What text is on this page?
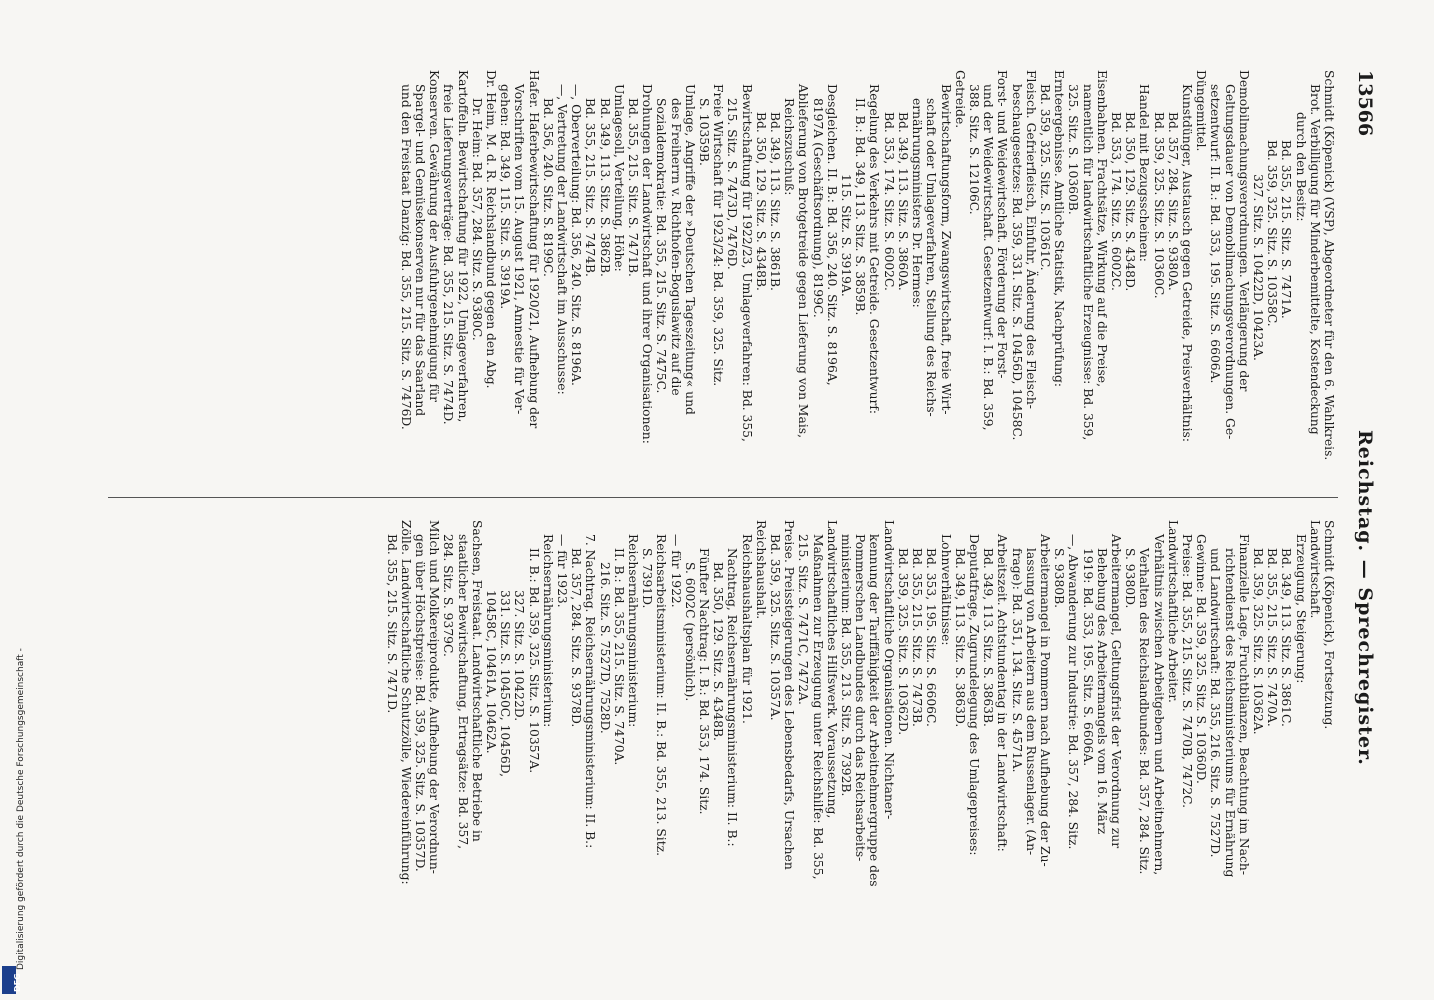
13566
Reichstag. — Sprechregister.
Schmidt (Köpenick) (VSP), Abgeordneter für den 6. Wahlkreis.
Brot. Verbilligung für Minderbemittelte, Kostendeckung
durch den Besitz:
Bd. 355, 215. Sitz. S. 7471A.
Bd. 359, 325. Sitz. S. 10358C.
327. Sitz. S. 10422D, 10423A.
Demobilmachungsverordnungen. Verlängerung der
Geltungsdauer von Demobilmachungsverordnungen. Ge-
setzentwurf: II. B.: Bd. 353, 195. Sitz. S. 6606A.
Düngemittel.
Kunstdünger, Austausch gegen Getreide, Preisverhältnis:
Bd. 357, 284. Sitz. S. 9380A.
Bd. 359, 325. Sitz. S. 10360C.
Handel mit Bezugsscheinen:
Bd. 350, 129. Sitz. S. 4348D.
Bd. 353, 174. Sitz. S. 6002C.
Eisenbahnen. Frachtsätze, Wirkung auf die Preise,
namentlich für landwirtschaftliche Erzeugnisse: Bd. 359,
325. Sitz. S. 10360B.
Ernteergebnisse. Amtliche Statistik, Nachprüfung:
Bd. 359, 325. Sitz. S. 10361C.
Fleisch. Gefrierfleisch, Einfuhr, Änderung des Fleisch-
beschaugesetzes: Bd. 359, 331. Sitz. S. 10456D, 10458C.
Forst- und Weidewirtschaft. Förderung der Forst-
und der Weidewirtschaft. Gesetzentwurf: I. B.: Bd. 359,
388. Sitz. S. 12106C.
Getreide.
Bewirtschaftungsform, Zwangswirtschaft, freie Wirt-
schaft oder Umlageverfahren, Stellung des Reichs-
ernährungsministers Dr. Hermes:
Bd. 349, 113. Sitz. S. 3860A.
Bd. 353, 174. Sitz. S. 6002C.
Regelung des Verkehrs mit Getreide. Gesetzentwurf:
II. B.: Bd. 349, 113. Sitz. S. 3859B.
115. Sitz. S. 3919A.
Desgleichen. II. B.: Bd. 356, 240. Sitz. S. 8196A,
8197A (Geschäftsordnung), 8199C.
Ablieferung von Brotgetreide gegen Lieferung von Mais,
Reichszuschuß:
Bd. 349, 113. Sitz. S. 3861B.
Bd. 350, 129. Sitz. S. 4348B.
Bewirtschaftung für 1922/23, Umlageverfahren: Bd. 355,
215. Sitz. S. 7473D, 7476D.
Freie Wirtschaft für 1923/24: Bd. 359, 325. Sitz.
S. 10359B.
Umlage, Angriffe der »Deutschen Tageszeitung« und
des Freiherrn v. Richthofen-Boguslawitz auf die
Sozialdemokratie: Bd. 355, 215. Sitz. S. 7475C.
Drohungen der Landwirtschaft und ihrer Organisationen:
Bd. 355, 215. Sitz. S. 7471B.
Umlagesoll, Verteilung, Höhe:
Bd. 349, 113. Sitz. S. 3862B.
Bd. 355, 215. Sitz. S. 7474B.
—, Oberverteilung: Bd. 356, 240. Sitz. S. 8196A.
—, Vertretung der Landwirtschaft im Ausschusse:
Bd. 356, 240. Sitz. S. 8199C.
Hafer. Haferbewirtschaftung für 1920/21, Aufhebung der
Vorschriften vom 15. August 1921, Amnestie für Ver-
gehen: Bd. 349, 115. Sitz. S. 3919A.
Dr. Heim, M. d. R. Reichslandbund gegen den Abg.
Dr. Heim: Bd. 357, 284. Sitz. S. 9380C.
Kartoffeln. Bewirtschaftung für 1922, Umlageverfahren,
freie Lieferungsverträge: Bd. 355, 215. Sitz. S. 7474D.
Konserven. Gewährung der Ausfuhrgenehmigung für
Spargel- und Gemüsekonserven nur für das Saarland
und den Freistaat Danzig: Bd. 355, 215. Sitz. S. 7476D.
Schmidt (Köpenick), Fortsetzung.
Landwirtschaft.
Erzeugung, Steigerung:
Bd. 349, 113. Sitz. S. 3861C.
Bd. 355, 215. Sitz. S. 7470A.
Bd. 359, 325. Sitz. S. 10362A.
Finanzielle Lage, Fruchtbilanzen, Beachtung im Nach-
richtendienst des Reichsministeriums für Ernährung
und Landwirtschaft: Bd. 355, 216. Sitz. S. 7527D.
Gewinne: Bd. 359, 325. Sitz. S. 10360D.
Preise: Bd. 355, 215. Sitz. S. 7470B, 7472C.
Landwirtschaftliche Arbeiter.
Verhältnis zwischen Arbeitgebern und Arbeitnehmern,
Verhalten des Reichslandbundes: Bd. 357, 284. Sitz.
S. 9380D.
Arbeitermangel, Geltungsfrist der Verordnung zur
Behebung des Arbeitermangels vom 16. März
1919: Bd. 353, 195. Sitz. S. 6606A.
—, Abwanderung zur Industrie: Bd. 357, 284. Sitz.
S. 9380B.
Arbeitermangel in Pommern nach Aufhebung der Zu-
lassung von Arbeitern aus dem Russenlager. (An-
frage): Bd. 351, 134. Sitz. S. 4571A.
Arbeitszeit. Achtstundentag in der Landwirtschaft:
Bd. 349, 113. Sitz. S. 3863B.
Deputatfrage, Zugrundelegung des Umlagepreises:
Bd. 349, 113. Sitz. S. 3863D.
Lohnverhältnisse:
Bd. 353, 195. Sitz. S. 6606C.
Bd. 355, 215. Sitz. S. 7473B.
Bd. 359, 325. Sitz. S. 10362D.
Landwirtschaftliche Organisationen. Nichtaner-
kennung der Tariffähigkeit der Arbeitnehmergruppe des
Pommerschen Landbundes durch das Reichsarbeits-
ministerium: Bd. 355, 213. Sitz. S. 7392B.
Landwirtschaftliches Hilfswerk. Voraussetzung,
Maßnahmen zur Erzeugung unter Reichshilfe: Bd. 355,
215. Sitz. S. 7471C, 7472A.
Preise. Preissteigerungen des Lebensbedarfs, Ursachen
Bd. 359, 325. Sitz. S. 10357A.
Reichshaushalt.
Reichshaushaltsplan für 1921.
Nachtrag, Reichsernährungsministerium: II. B.:
Bd. 350, 129. Sitz. S. 4348B.
Fünfter Nachtrag: I. B.: Bd. 353, 174. Sitz.
S. 6002C (persönlich).
— für 1922.
Reichsarbeitsministerium: II. B.: Bd. 355, 213. Sitz.
S. 7391D.
Reichsernährungsministerium:
II. B.: Bd. 355, 215. Sitz. S. 7470A.
216. Sitz. S. 7527D, 7528D.
7. Nachtrag. Reichsernährungsministerium: II. B.:
Bd. 357, 284. Sitz. S. 9378D.
— für 1923.
Reichsernährungsministerium:
II. B.: Bd. 359, 325. Sitz. S. 10357A.
327. Sitz. S. 10422D.
331. Sitz. S. 10450C, 10456D,
10458C, 10461A, 10462A.
Sachsen, Freistaat. Landwirtschaftliche Betriebe in
staatlicher Bewirtschaftung, Ertragsätze: Bd. 357,
284. Sitz. S. 9379C.
Milch und Molkereiprodukte, Aufhebung der Verordnun-
gen über Höchstpreise: Bd. 359, 325. Sitz. S. 10357D.
Zölle. Landwirtschaftliche Schutzzölle, Wiedereinführung:
Bd. 355, 215. Sitz. S. 7471D.
Digitalisierung gefördert durch die Deutsche Forschungsgemeinschaft -
DFG
